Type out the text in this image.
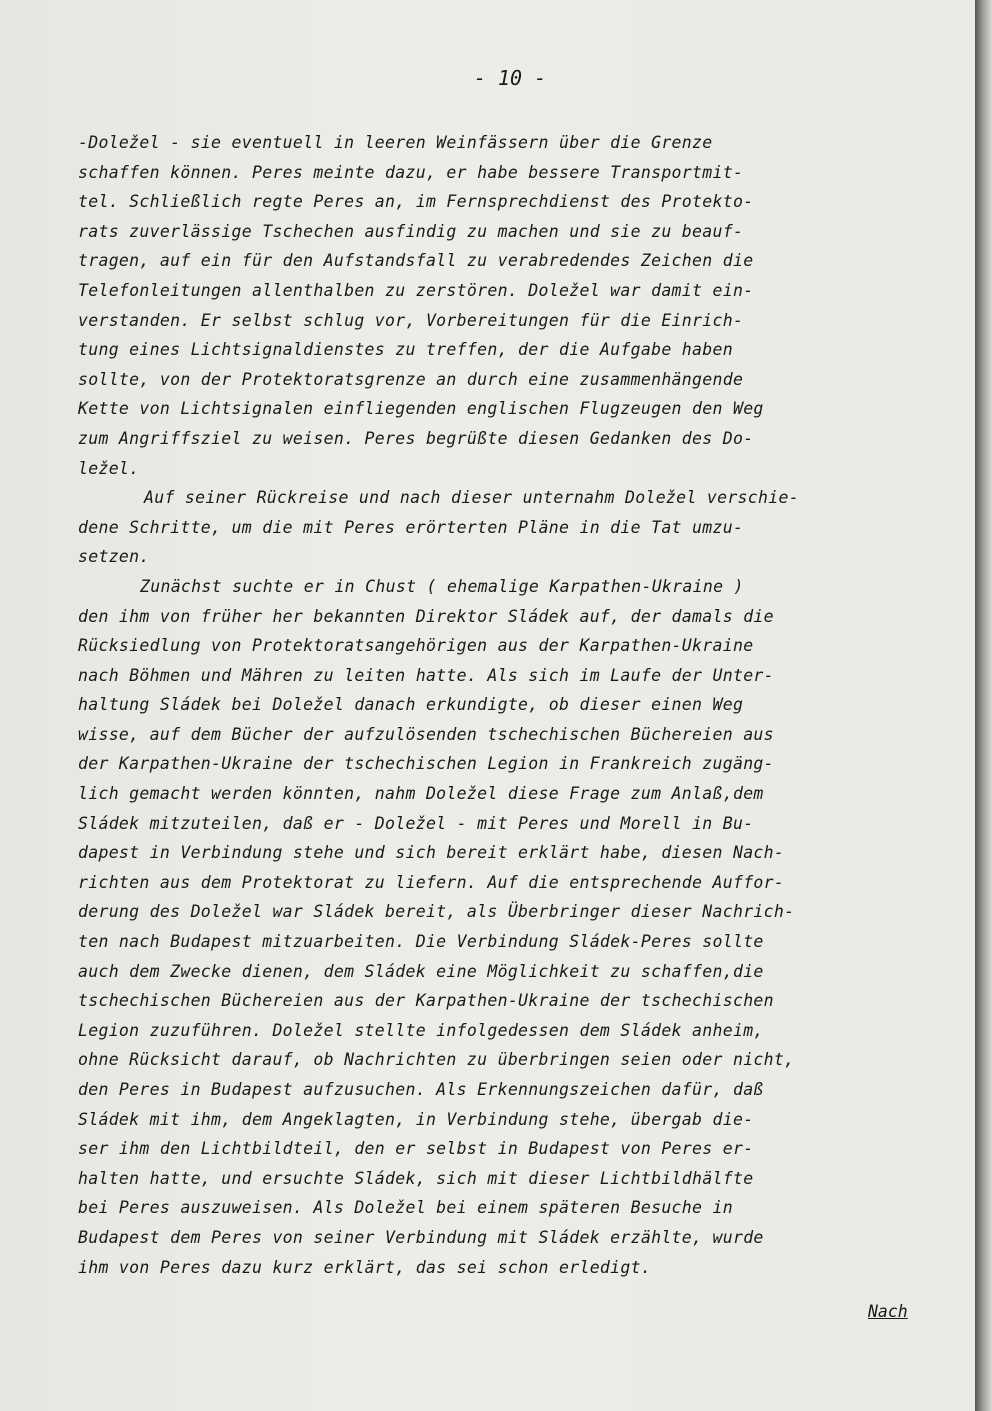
- 10 -
-Doležel - sie eventuell in leeren Weinfässern über die Grenze
schaffen können. Peres meinte dazu, er habe bessere Transportmit-
tel. Schließlich regte Peres an, im Fernsprechdienst des Protekto-
rats zuverlässige Tschechen ausfindig zu machen und sie zu beauf-
tragen, auf ein für den Aufstandsfall zu verabredendes Zeichen die
Telefonleitungen allenthalben zu zerstören. Doležel war damit ein-
verstanden. Er selbst schlug vor, Vorbereitungen für die Einrich-
tung eines Lichtsignaldienstes zu treffen, der die Aufgabe haben
sollte, von der Protektoratsgrenze an durch eine zusammenhängende
Kette von Lichtsignalen einfliegenden englischen Flugzeugen den Weg
zum Angriffsziel zu weisen. Peres begrüßte diesen Gedanken des Do-
ležel.
Auf seiner Rückreise und nach dieser unternahm Doležel verschie-
dene Schritte, um die mit Peres erörterten Pläne in die Tat umzu-
setzen.
Zunächst suchte er in Chust ( ehemalige Karpathen-Ukraine )
den ihm von früher her bekannten Direktor Sládek auf, der damals die
Rücksiedlung von Protektoratsangehörigen aus der Karpathen-Ukraine
nach Böhmen und Mähren zu leiten hatte. Als sich im Laufe der Unter-
haltung Sládek bei Doležel danach erkundigte, ob dieser einen Weg
wisse, auf dem Bücher der aufzulösenden tschechischen Büchereien aus
der Karpathen-Ukraine der tschechischen Legion in Frankreich zugäng-
lich gemacht werden könnten, nahm Doležel diese Frage zum Anlaß,dem
Sládek mitzuteilen, daß er - Doležel - mit Peres und Morell in Bu-
dapest in Verbindung stehe und sich bereit erklärt habe, diesen Nach-
richten aus dem Protektorat zu liefern. Auf die entsprechende Auffor-
derung des Doležel war Sládek bereit, als Überbringer dieser Nachrich-
ten nach Budapest mitzuarbeiten. Die Verbindung Sládek-Peres sollte
auch dem Zwecke dienen, dem Sládek eine Möglichkeit zu schaffen,die
tschechischen Büchereien aus der Karpathen-Ukraine der tschechischen
Legion zuzuführen. Doležel stellte infolgedessen dem Sládek anheim,
ohne Rücksicht darauf, ob Nachrichten zu überbringen seien oder nicht,
den Peres in Budapest aufzusuchen. Als Erkennungszeichen dafür, daß
Sládek mit ihm, dem Angeklagten, in Verbindung stehe, übergab die-
ser ihm den Lichtbildteil, den er selbst in Budapest von Peres er-
halten hatte, und ersuchte Sládek, sich mit dieser Lichtbildhälfte
bei Peres auszuweisen. Als Doležel bei einem späteren Besuche in
Budapest dem Peres von seiner Verbindung mit Sládek erzählte, wurde
ihm von Peres dazu kurz erklärt, das sei schon erledigt.
Nach
